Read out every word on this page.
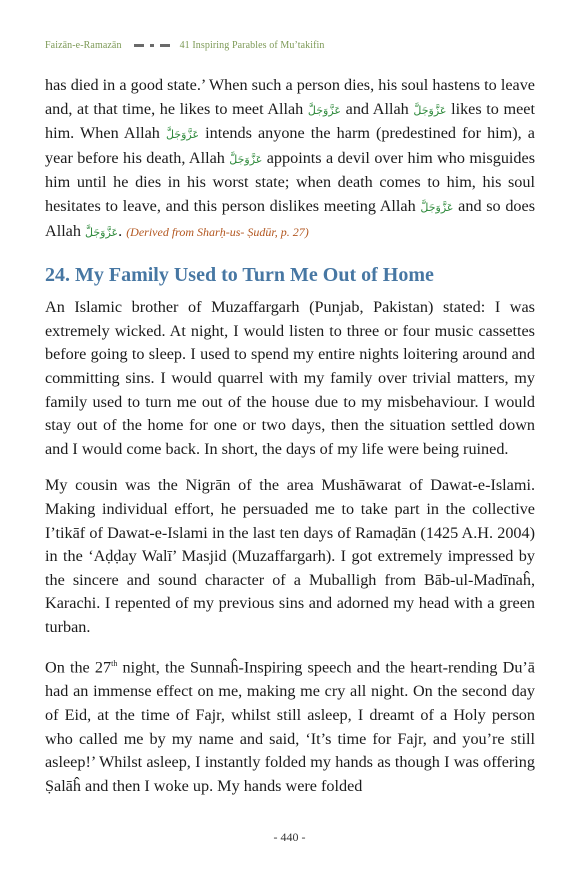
Faizān-e-Ramazān	41 Inspiring Parables of Mu’takifin

has died in a good state.’ When such a person dies, his soul hastens to leave and, at that time, he likes to meet Allah عَزَّوَجَلَّ and Allah عَزَّوَجَلَّ likes to meet him. When Allah عَزَّوَجَلَّ intends anyone the harm (predestined for him), a year before his death, Allah عَزَّوَجَلَّ appoints a devil over him who misguides him until he dies in his worst state; when death comes to him, his soul hesitates to leave, and this person dislikes meeting Allah عَزَّوَجَلَّ and so does Allah عَزَّوَجَلَّ. (Derived from Sharḥ-us- Ṣudūr, p. 27)

24. My Family Used to Turn Me Out of Home

An Islamic brother of Muzaffargarh (Punjab, Pakistan) stated: I was extremely wicked. At night, I would listen to three or four music cassettes before going to sleep. I used to spend my entire nights loitering around and committing sins. I would quarrel with my family over trivial matters, my family used to turn me out of the house due to my misbehaviour. I would stay out of the home for one or two days, then the situation settled down and I would come back. In short, the days of my life were being ruined.

My cousin was the Nigrān of the area Mushāwarat of Dawat-e-Islami. Making individual effort, he persuaded me to take part in the collective I’tikāf of Dawat-e-Islami in the last ten days of Ramaḍān (1425 A.H. 2004) in the ‘Aḍḍay Walī’ Masjid (Muzaffargarh). I got extremely impressed by the sincere and sound character of a Muballigh from Bāb-ul-Madīnaĥ, Karachi. I repented of my previous sins and adorned my head with a green turban.

On the 27th night, the Sunnaĥ-Inspiring speech and the heart-rending Du’ā had an immense effect on me, making me cry all night. On the second day of Eid, at the time of Fajr, whilst still asleep, I dreamt of a Holy person who called me by my name and said, ‘It’s time for Fajr, and you’re still asleep!’ Whilst asleep, I instantly folded my hands as though I was offering Ṣalāĥ and then I woke up. My hands were folded

- 440 -
